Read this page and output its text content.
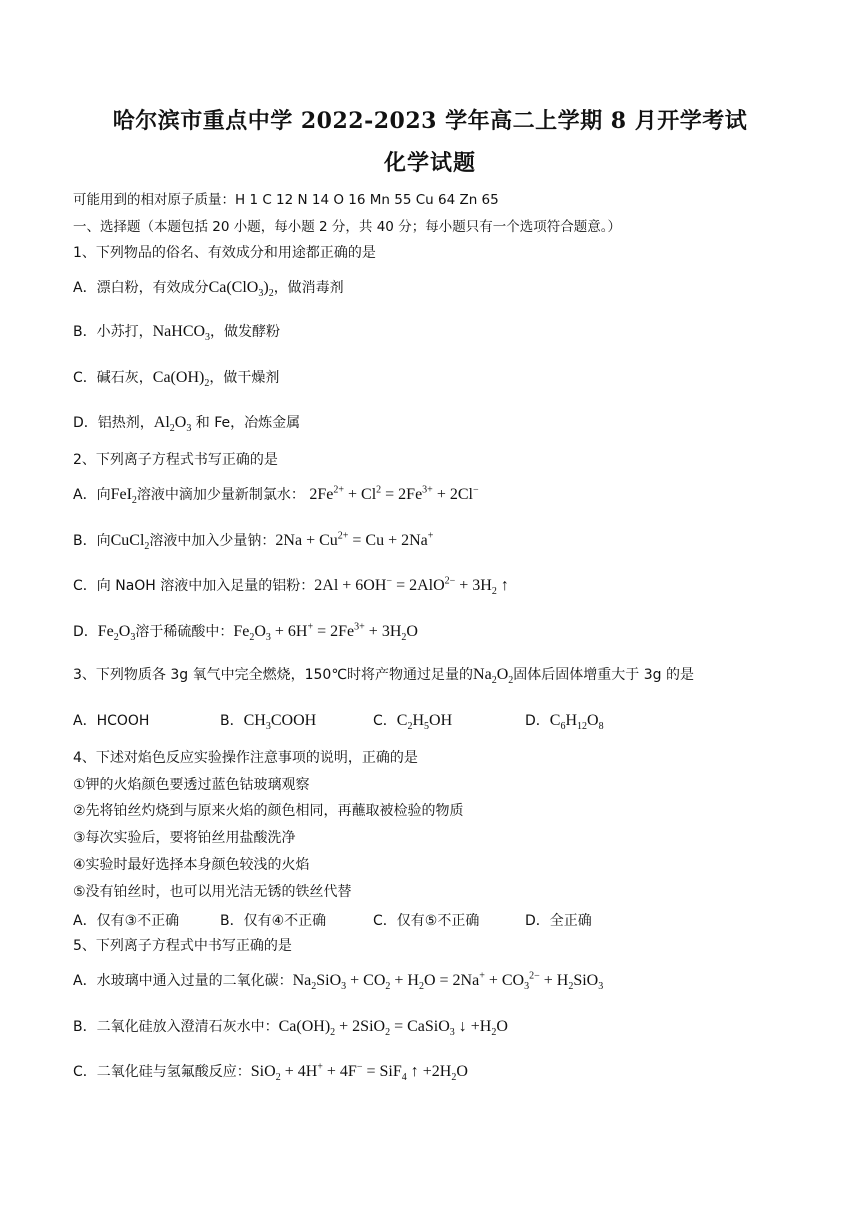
哈尔滨市重点中学 2022-2023 学年高二上学期 8 月开学考试
化学试题
可能用到的相对原子质量：H 1 C 12 N 14 O 16 Mn 55 Cu 64 Zn 65
一、选择题（本题包括 20 小题，每小题 2 分，共 40 分；每小题只有一个选项符合题意。）
1、下列物品的俗名、有效成分和用途都正确的是
A．漂白粉，有效成分$Ca(ClO_3)_2$，做消毒剂
B．小苏打，NaHCO$_3$，做发酵粉
C．碱石灰，$Ca(OH)_2$，做干燥剂
D．铝热剂，$Al_2O_3$ 和 Fe，冶炼金属
2、下列离子方程式书写正确的是
A．向FeI$_2$溶液中滴加少量新制氯水： $2Fe^{2+} + Cl^2 = 2Fe^{3+} + 2Cl^-$
B．向CuCl$_2$溶液中加入少量钠：$2Na + Cu^{2+} = Cu + 2Na^+$
C．向 NaOH 溶液中加入足量的铝粉：$2Al + 6OH^- = 2AlO^{2-} + 3H_2$ ↑
D．$Fe_2O_3$溶于稀硫酸中：$Fe_2O_3 + 6H^+ = 2Fe^{3+} + 3H_2O$
3、下列物质各 3g 氧气中完全燃烧，150℃时将产物通过足量的$Na_2O_2$固体后固体增重大于 3g 的是
A．HCOOH	B．$CH_3COOH$	C．$C_2H_5OH$	D．$C_6H_{12}O_8$
4、下述对焰色反应实验操作注意事项的说明，正确的是
①钾的火焰颜色要透过蓝色钴玻璃观察
②先将铂丝灼烧到与原来火焰的颜色相同，再蘸取被检验的物质
③每次实验后，要将铂丝用盐酸洗净
④实验时最好选择本身颜色较浅的火焰
⑤没有铂丝时，也可以用光洁无锈的铁丝代替
A．仅有③不正确	B．仅有④不正确	C．仅有⑤不正确	D．全正确
5、下列离子方程式中书写正确的是
A．水玻璃中通入过量的二氧化碳：$Na_2SiO_3 + CO_2 + H_2O = 2Na^+ + CO_3^{2-} + H_2SiO_3$
B．二氧化硅放入澄清石灰水中：$Ca(OH)_2 + 2SiO_2$ = CaSiO$_3$ ↓ $+H_2O$
C．二氧化硅与氢氟酸反应：SiO$_2$ + 4H+ + 4F− = SiF$_4$ ↑ $+2H_2O$
